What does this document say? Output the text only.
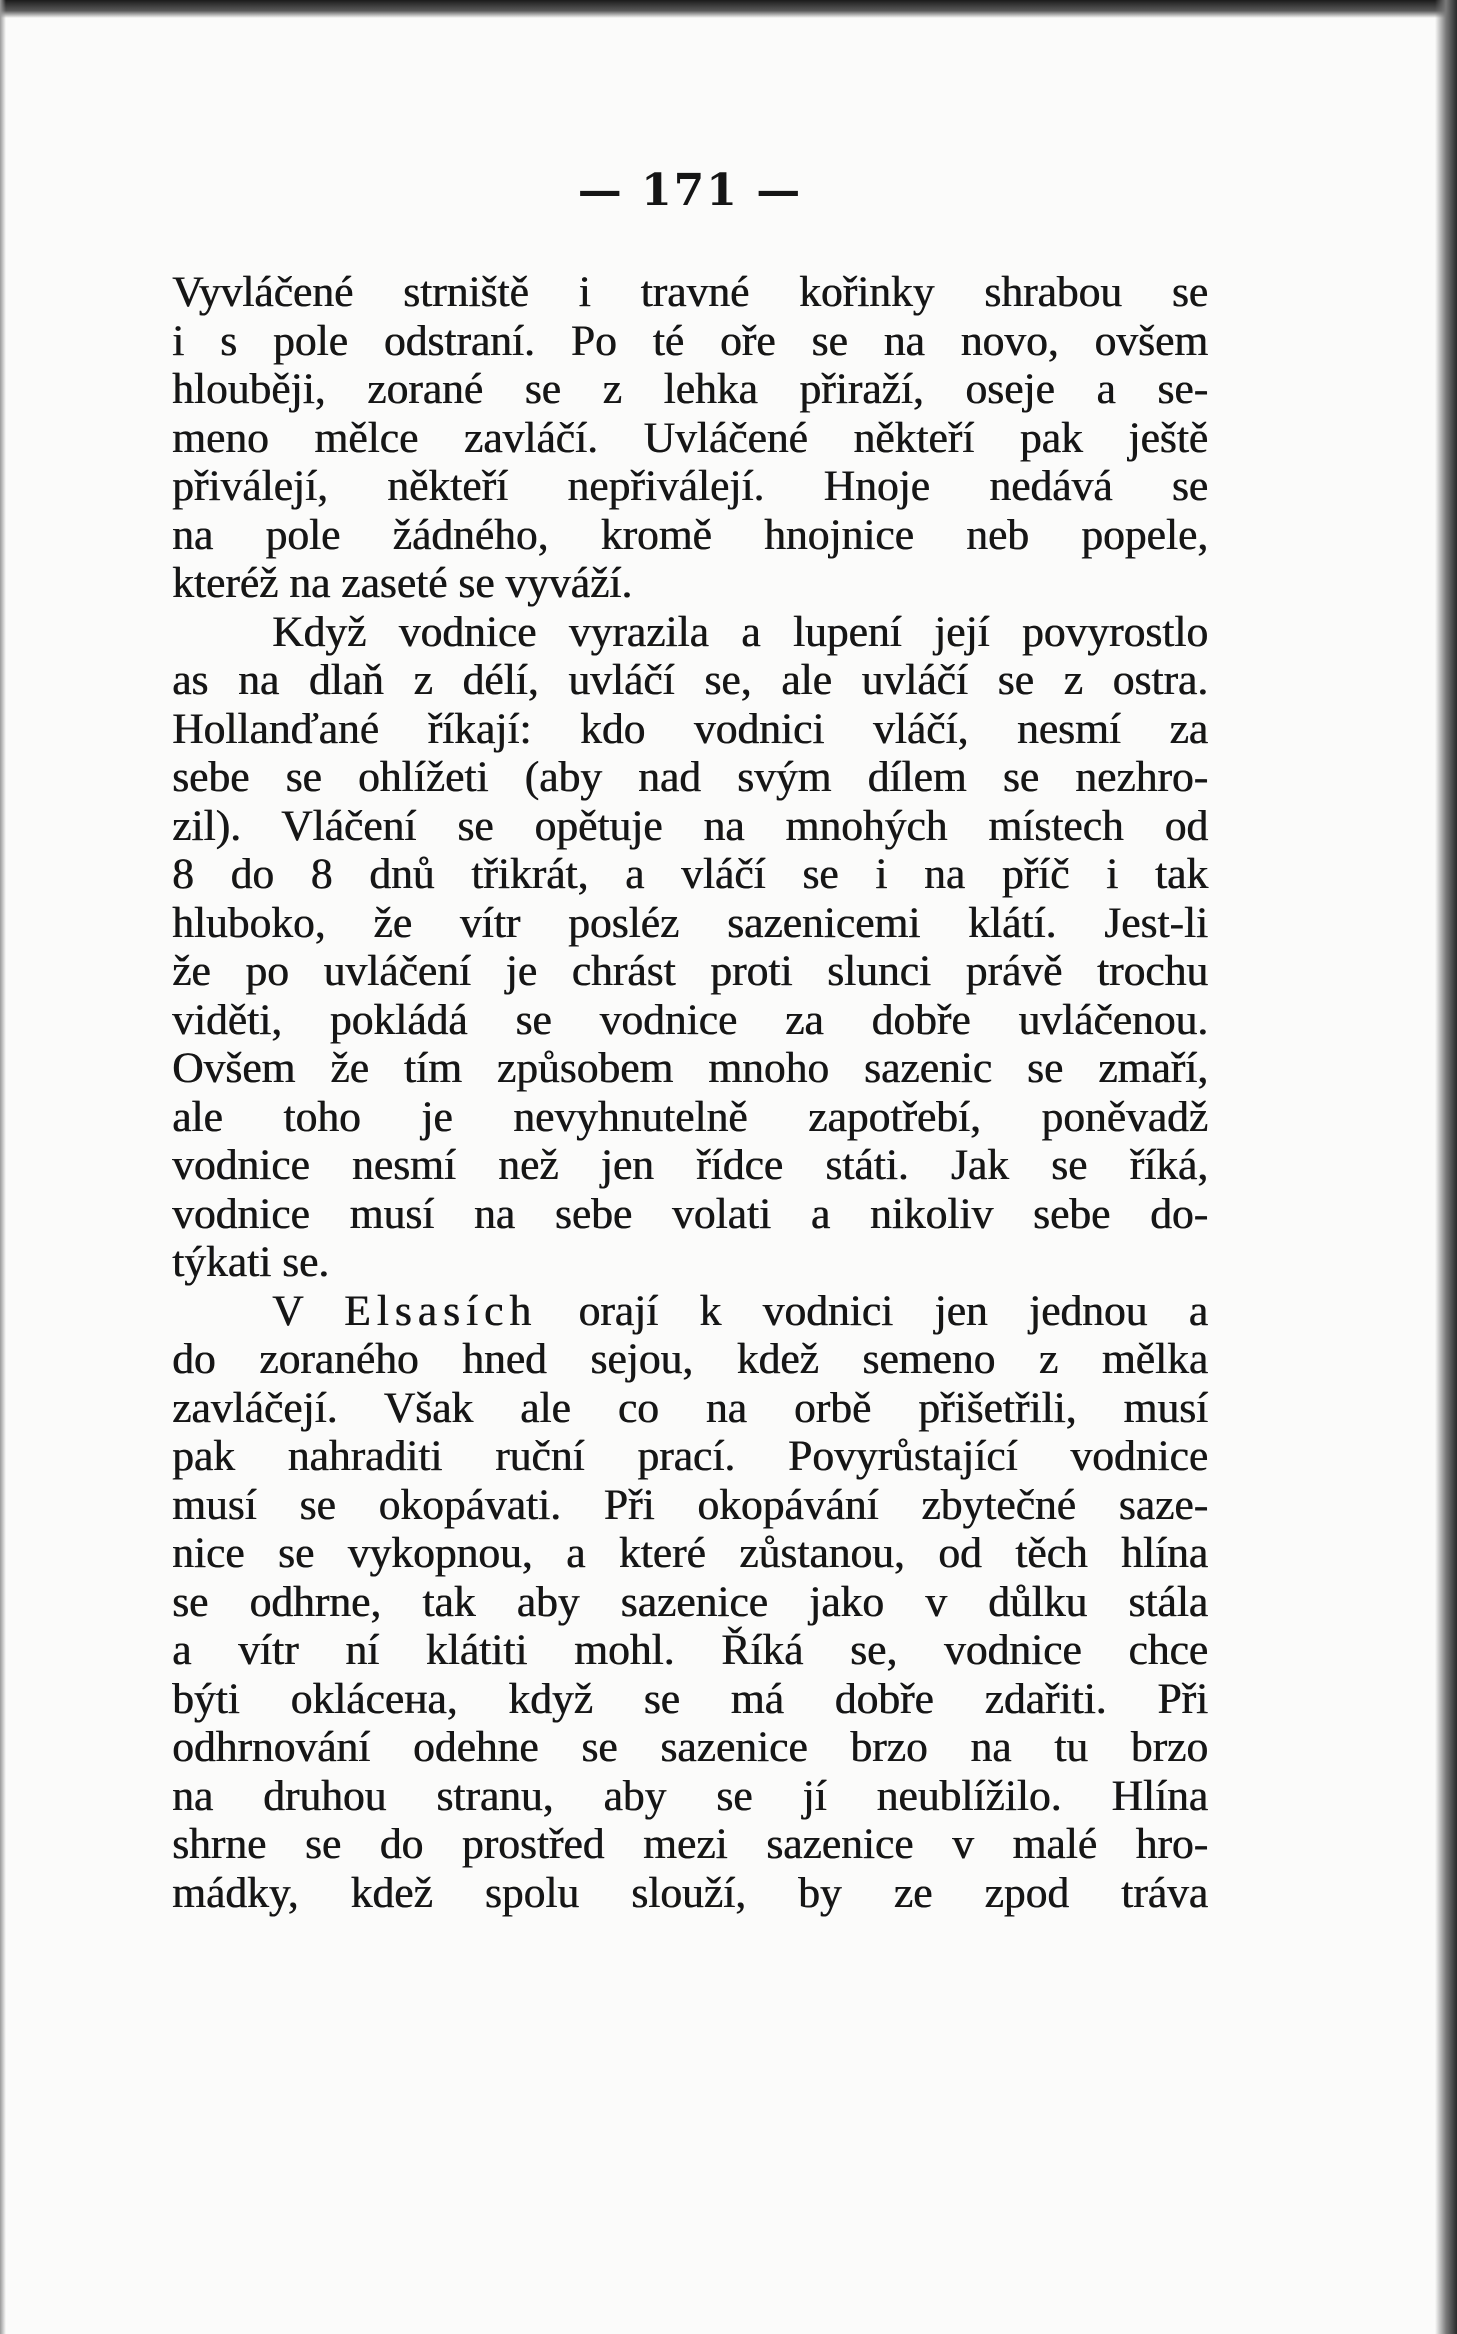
— 171 —
Vyvláčené strniště i travné kořinky shrabou se
i s pole odstraní. Po té oře se na novo, ovšem
hlouběji, zorané se z lehka přiraží, oseje a se-
meno mělce zavláčí. Uvláčené někteří pak ještě
přiválejí, někteří nepřiválejí. Hnoje nedává se
na pole žádného, kromě hnojnice neb popele,
kteréž na zaseté se vyváží.
Když vodnice vyrazila a lupení její povyrostlo
as na dlaň z délí, uvláčí se, ale uvláčí se z ostra.
Hollanďané říkají: kdo vodnici vláčí, nesmí za
sebe se ohlížeti (aby nad svým dílem se nezhro-
zil). Vláčení se opětuje na mnohých místech od
8 do 8 dnů třikrát, a vláčí se i na příč i tak
hluboko, že vítr posléz sazenicemi klátí. Jest-li
že po uvláčení je chrást proti slunci právě trochu
viděti, pokládá se vodnice za dobře uvláčenou.
Ovšem že tím způsobem mnoho sazenic se zmaří,
ale toho je nevyhnutelně zapotřebí, poněvadž
vodnice nesmí než jen řídce státi. Jak se říká,
vodnice musí na sebe volati a nikoliv sebe do-
týkati se.
V Elsasích orají k vodnici jen jednou a
do zoraného hned sejou, kdež semeno z mělka
zavláčejí. Však ale co na orbě přišetřili, musí
pak nahraditi ruční prací. Povyrůstající vodnice
musí se okopávati. Při okopávání zbytečné saze-
nice se vykopnou, a které zůstanou, od těch hlína
se odhrne, tak aby sazenice jako v důlku stála
a vítr ní klátiti mohl. Říká se, vodnice chce
býti okláceна, když se má dobře zdařiti. Při
odhrnování odehne se sazenice brzo na tu brzo
na druhou stranu, aby se jí neublížilo. Hlína
shrne se do prostřed mezi sazenice v malé hro-
mádky, kdež spolu slouží, by ze zpod tráva
